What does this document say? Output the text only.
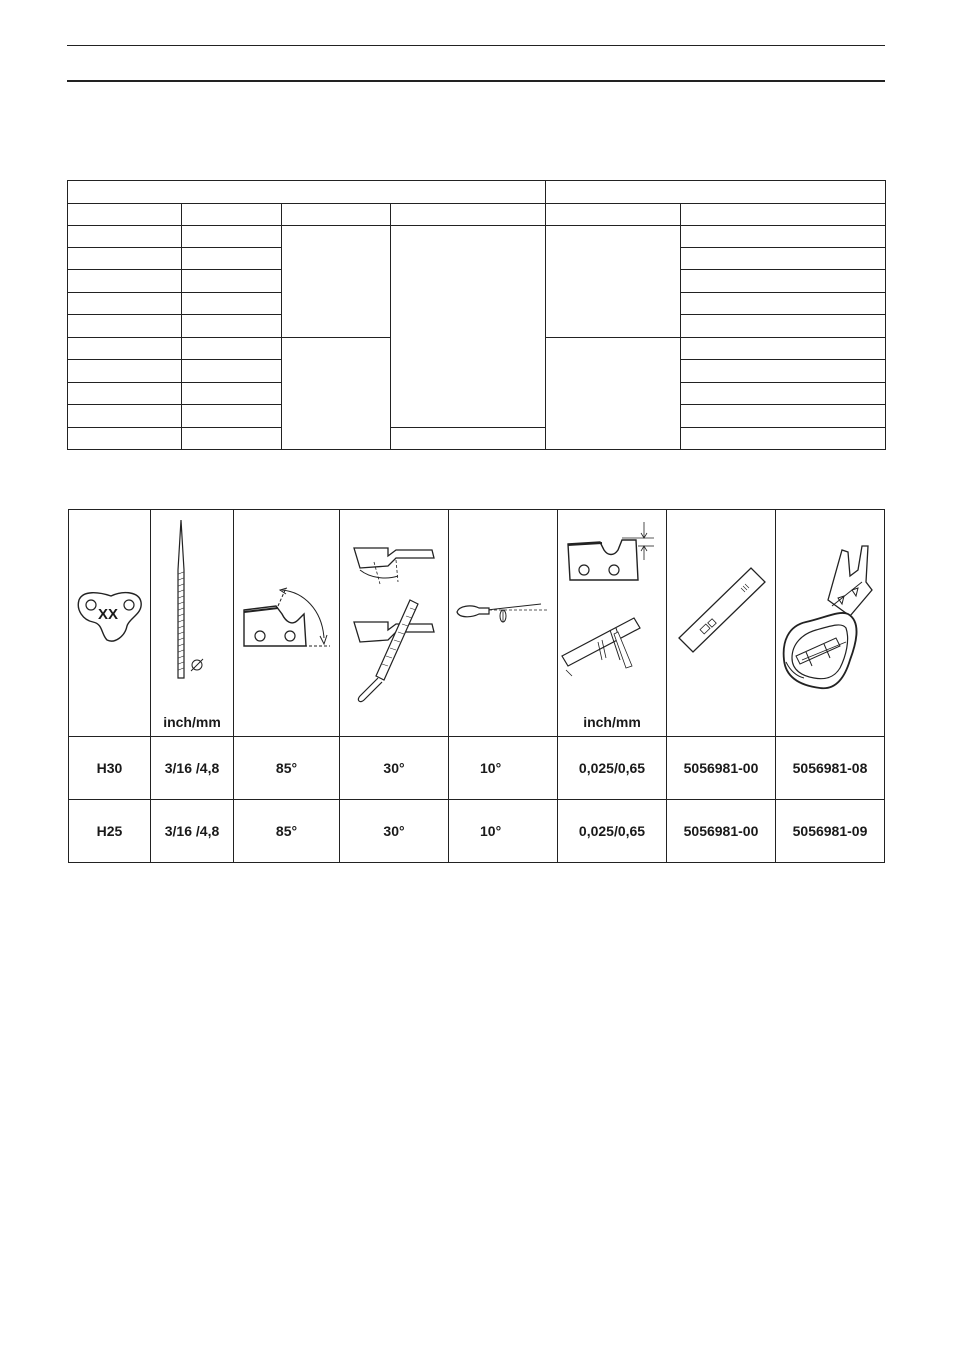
XX	inch/mm				inch/mm

H30	3/16 /4,8	85°	30°	10°	0,025/0,65	5056981-00	5056981-08
H25	3/16 /4,8	85°	30°	10°	0,025/0,65	5056981-00	5056981-09
